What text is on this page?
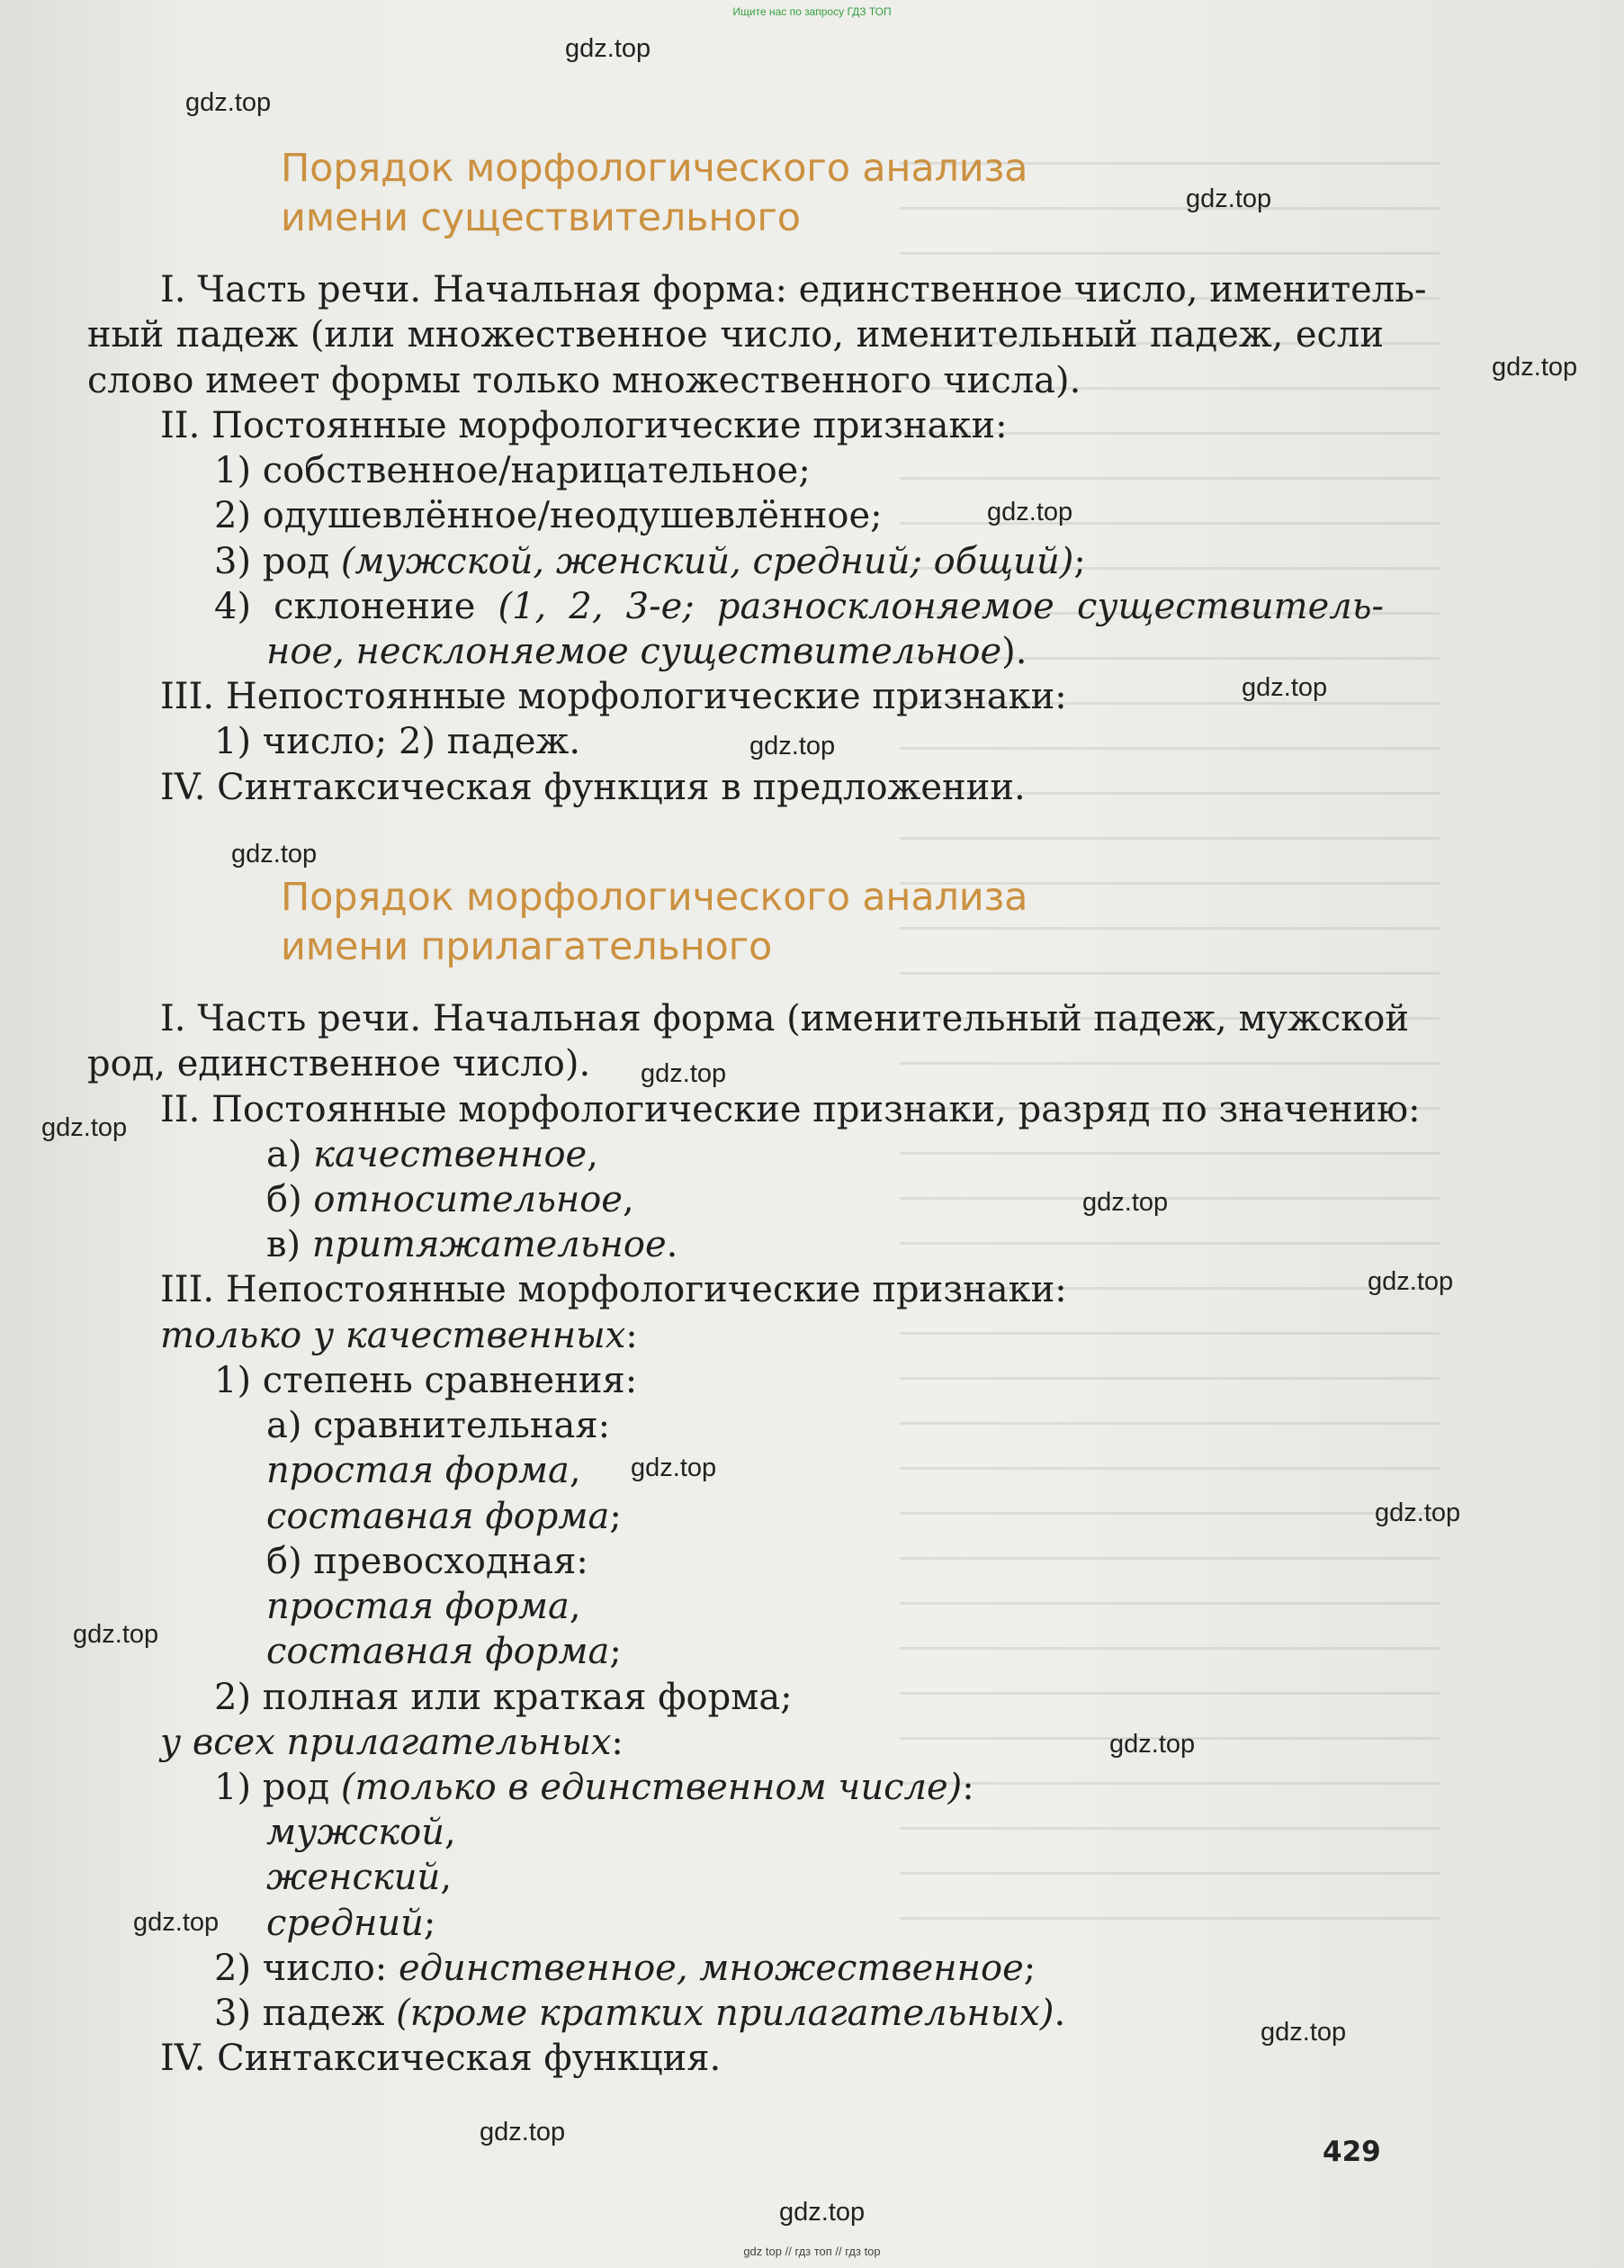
Ищите нас по запросу ГДЗ ТОП
Порядок морфологического анализа
имени существительного
I. Часть речи. Начальная форма: единственное число, именитель-
ный падеж (или множественное число, именительный падеж, если
слово имеет формы только множественного числа).
II. Постоянные морфологические признаки:
1) собственное/нарицательное;
2) одушевлённое/неодушевлённое;
3) род (мужской, женский, средний; общий);
4) склонение (1, 2, 3-е; разносклоняемое существитель-
ное, несклоняемое существительное).
III. Непостоянные морфологические признаки:
1) число; 2) падеж.
IV. Синтаксическая функция в предложении.
Порядок морфологического анализа
имени прилагательного
I. Часть речи. Начальная форма (именительный падеж, мужской
род, единственное число).
II. Постоянные морфологические признаки, разряд по значению:
а) качественное,
б) относительное,
в) притяжательное.
III. Непостоянные морфологические признаки:
только у качественных:
1) степень сравнения:
а) сравнительная:
простая форма,
составная форма;
б) превосходная:
простая форма,
составная форма;
2) полная или краткая форма;
у всех прилагательных:
1) род (только в единственном числе):
мужской,
женский,
средний;
2) число: единственное, множественное;
3) падеж (кроме кратких прилагательных).
IV. Синтаксическая функция.
429
gdz.top
gdz.top
gdz.top
gdz.top
gdz.top
gdz.top
gdz.top
gdz.top
gdz.top
gdz.top
gdz.top
gdz.top
gdz.top
gdz.top
gdz.top
gdz.top
gdz.top
gdz.top
gdz.top
gdz.top
gdz top // гдз топ // гдз top
